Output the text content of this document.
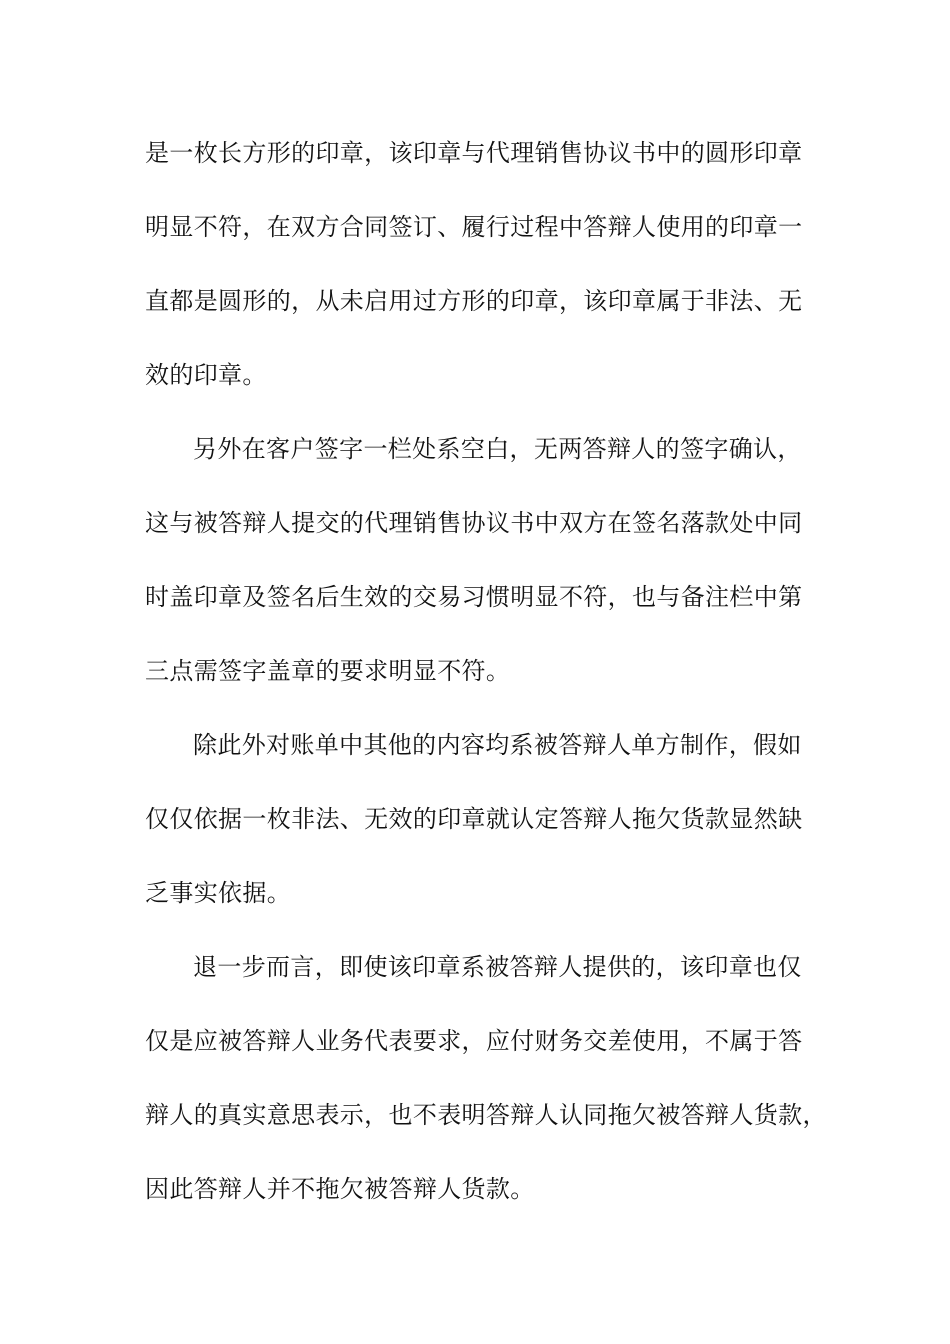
是一枚长方形的印章，该印章与代理销售协议书中的圆形印章
明显不符，在双方合同签订、履行过程中答辩人使用的印章一
直都是圆形的，从未启用过方形的印章，该印章属于非法、无
效的印章。
另外在客户签字一栏处系空白，无两答辩人的签字确认，
这与被答辩人提交的代理销售协议书中双方在签名落款处中同
时盖印章及签名后生效的交易习惯明显不符，也与备注栏中第
三点需签字盖章的要求明显不符。
除此外对账单中其他的内容均系被答辩人单方制作，假如
仅仅依据一枚非法、无效的印章就认定答辩人拖欠货款显然缺
乏事实依据。
退一步而言，即使该印章系被答辩人提供的，该印章也仅
仅是应被答辩人业务代表要求，应付财务交差使用，不属于答
辩人的真实意思表示，也不表明答辩人认同拖欠被答辩人货款，
因此答辩人并不拖欠被答辩人货款。
